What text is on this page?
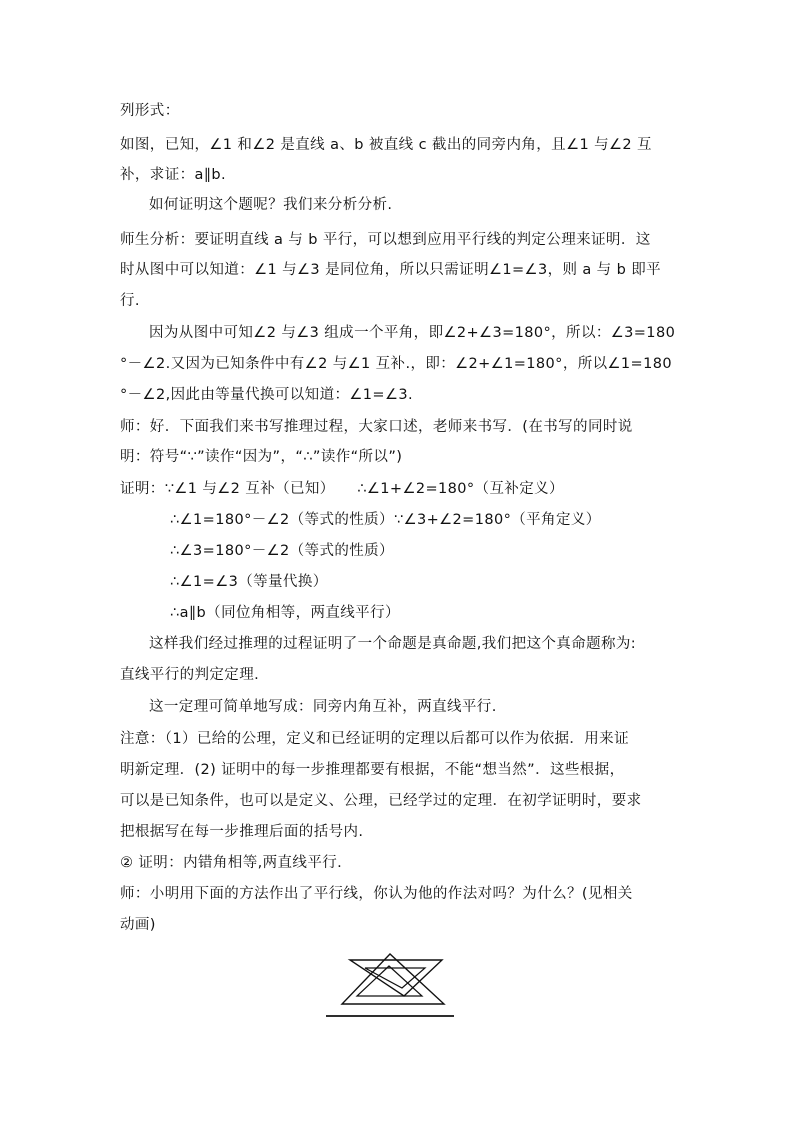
列形式：
如图，已知，∠1 和∠2 是直线 a、b 被直线 c 截出的同旁内角，且∠1 与∠2 互
补，求证：a∥b.
如何证明这个题呢？我们来分析分析.
师生分析：要证明直线 a 与 b 平行，可以想到应用平行线的判定公理来证明．这
时从图中可以知道：∠1 与∠3 是同位角，所以只需证明∠1=∠3，则 a 与 b 即平
行.
因为从图中可知∠2 与∠3 组成一个平角，即∠2+∠3=180°，所以：∠3=180
°－∠2.又因为已知条件中有∠2 与∠1 互补.，即：∠2+∠1=180°，所以∠1=180
°－∠2,因此由等量代换可以知道：∠1=∠3.
师：好．下面我们来书写推理过程，大家口述，老师来书写．(在书写的同时说
明：符号“∵”读作“因为”，“∴”读作“所以”)
证明：∵∠1 与∠2 互补（已知）　　∴∠1+∠2=180°（互补定义）
∴∠1=180°－∠2（等式的性质）∵∠3+∠2=180°（平角定义）
∴∠3=180°－∠2（等式的性质）
∴∠1=∠3（等量代换）
∴a∥b（同位角相等，两直线平行）
这样我们经过推理的过程证明了一个命题是真命题,我们把这个真命题称为:
直线平行的判定定理.
这一定理可简单地写成：同旁内角互补，两直线平行.
注意：（1）已给的公理，定义和已经证明的定理以后都可以作为依据．用来证
明新定理．(2) 证明中的每一步推理都要有根据，不能“想当然”．这些根据，
可以是已知条件，也可以是定义、公理，已经学过的定理．在初学证明时，要求
把根据写在每一步推理后面的括号内.
② 证明：内错角相等,两直线平行.
师：小明用下面的方法作出了平行线，你认为他的作法对吗？为什么？(见相关
动画)
